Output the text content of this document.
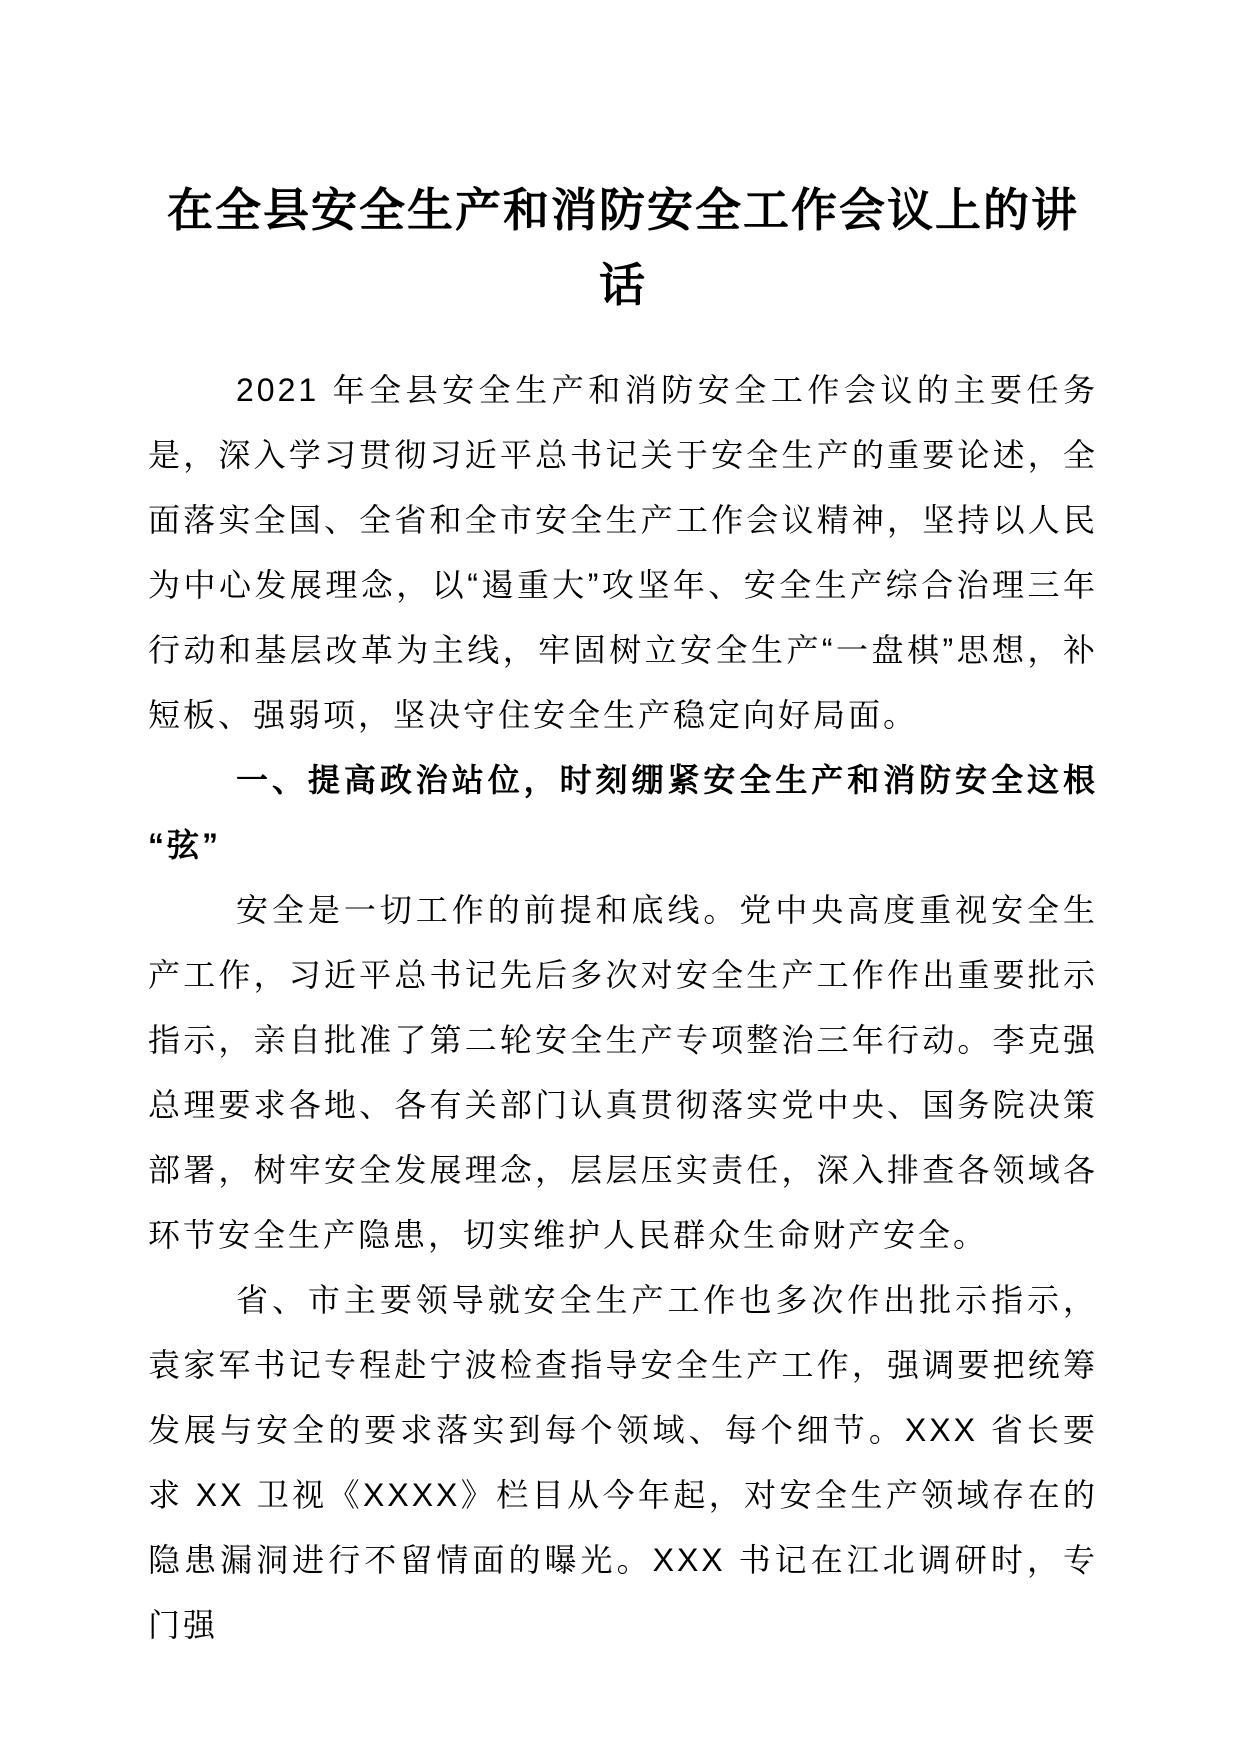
在全县安全生产和消防安全工作会议上的讲话

2021 年全县安全生产和消防安全工作会议的主要任务是，深入学习贯彻习近平总书记关于安全生产的重要论述，全面落实全国、全省和全市安全生产工作会议精神，坚持以人民为中心发展理念，以“遏重大”攻坚年、安全生产综合治理三年行动和基层改革为主线，牢固树立安全生产“一盘棋”思想，补短板、强弱项，坚决守住安全生产稳定向好局面。

一、提高政治站位，时刻绷紧安全生产和消防安全这根“弦”

安全是一切工作的前提和底线。党中央高度重视安全生产工作，习近平总书记先后多次对安全生产工作作出重要批示指示，亲自批准了第二轮安全生产专项整治三年行动。李克强总理要求各地、各有关部门认真贯彻落实党中央、国务院决策部署，树牢安全发展理念，层层压实责任，深入排查各领域各环节安全生产隐患，切实维护人民群众生命财产安全。

省、市主要领导就安全生产工作也多次作出批示指示，袁家军书记专程赴宁波检查指导安全生产工作，强调要把统筹发展与安全的要求落实到每个领域、每个细节。XXX 省长要求 XX 卫视《XXXX》栏目从今年起，对安全生产领域存在的隐患漏洞进行不留情面的曝光。XXX 书记在江北调研时，专门强
